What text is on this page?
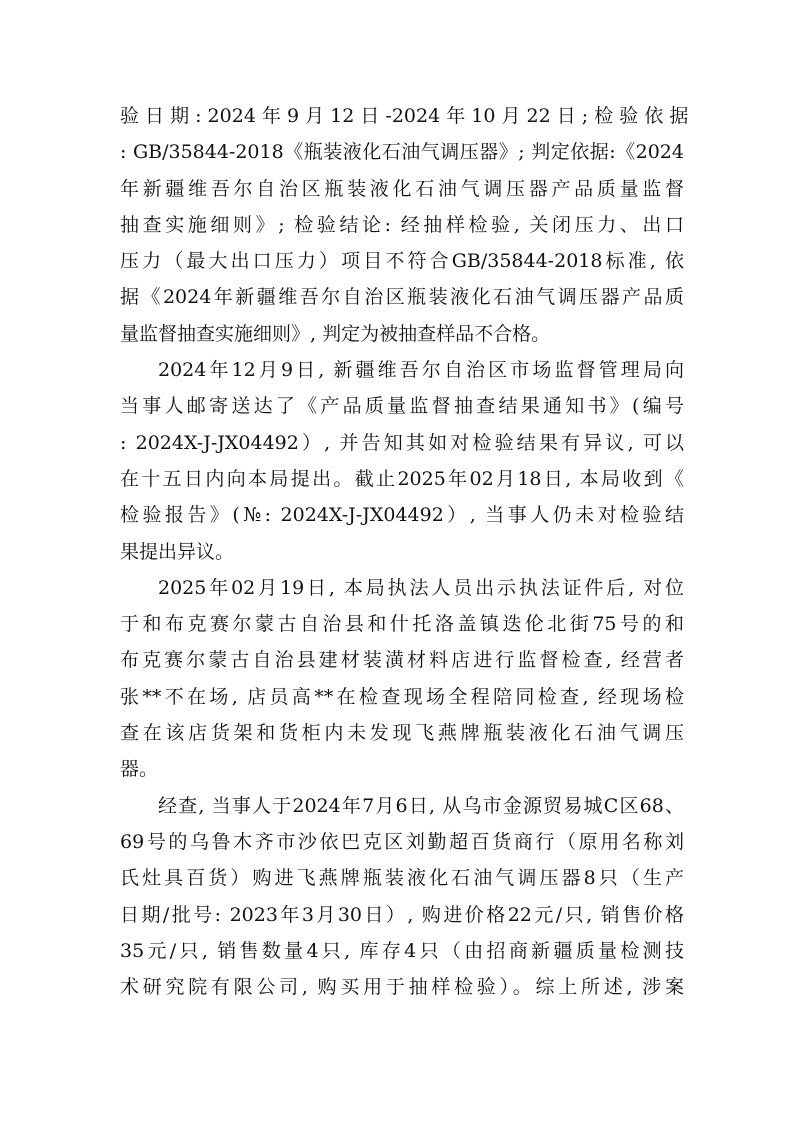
验 日 期 : 2024 年 9 月 12 日 -2024 年 10 月 22 日 ; 检 验 依 据
: GB/35844-2018《瓶装液化石油气调压器》; 判定依据:《2024
年新疆维吾尔自治区瓶装液化石油气调压器产品质量监督
抽查实施细则》; 检验结论: 经抽样检验, 关闭压力、出口
压力（最大出口压力）项目不符合GB/35844-2018标准, 依
据《2024年新疆维吾尔自治区瓶装液化石油气调压器产品质
量监督抽查实施细则》, 判定为被抽查样品不合格。
2024年12月9日, 新疆维吾尔自治区市场监督管理局向
当事人邮寄送达了《产品质量监督抽查结果通知书》(编号
: 2024X-J-JX04492）, 并告知其如对检验结果有异议, 可以
在十五日内向本局提出。截止2025年02月18日, 本局收到《
检验报告》(№: 2024X-J-JX04492）, 当事人仍未对检验结
果提出异议。
2025年02月19日, 本局执法人员出示执法证件后, 对位
于和布克赛尔蒙古自治县和什托洛盖镇迭伦北街75号的和
布克赛尔蒙古自治县建材装潢材料店进行监督检查, 经营者
张**不在场, 店员高**在检查现场全程陪同检查, 经现场检
查在该店货架和货柜内未发现飞燕牌瓶装液化石油气调压
器。
经查, 当事人于2024年7月6日, 从乌市金源贸易城C区68、
69号的乌鲁木齐市沙依巴克区刘勤超百货商行（原用名称刘
氏灶具百货）购进飞燕牌瓶装液化石油气调压器8只（生产
日期/批号: 2023年3月30日）, 购进价格22元/只, 销售价格
35元/只, 销售数量4只, 库存4只（由招商新疆质量检测技
术研究院有限公司, 购买用于抽样检验）。综上所述, 涉案
